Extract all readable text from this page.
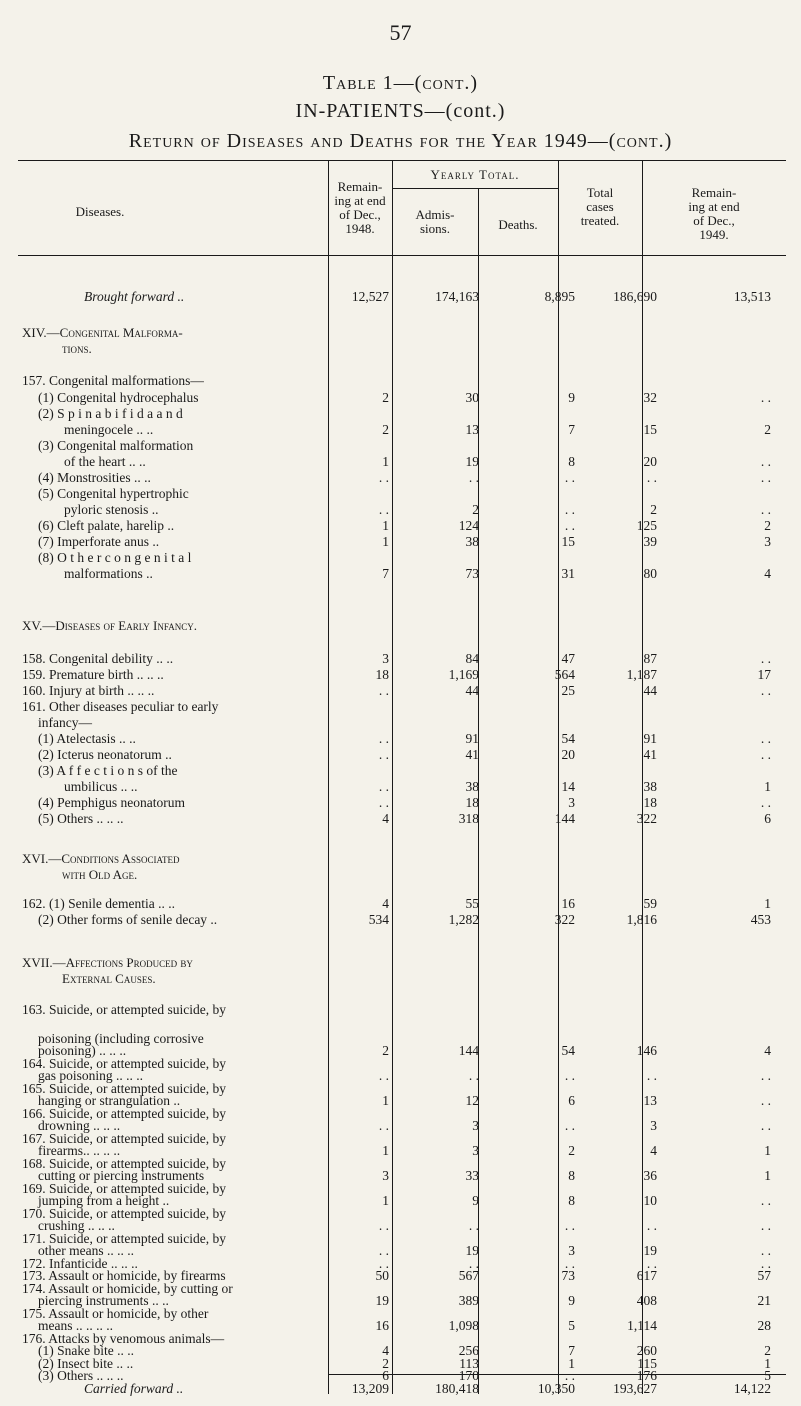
57
Table 1—(cont.)
IN-PATIENTS—(cont.)
Return of Diseases and Deaths for the Year 1949—(cont.)
Diseases.
Remain-
ing at end
of Dec.,
1948.
Yearly Total.
Admis-
sions.	Deaths.
Total
cases
treated.
Remain-
ing at end
of Dec.,
1949.
Brought forward ..	12,527	174,163	8,895	186,690	13,513
XIV.—Congenital Malforma-
tions.
157. Congenital malformations—
(1) Congenital hydrocephalus	2	30	9	32	. .
(2) S p i n a b i f i d a a n d
meningocele .. ..	2	13	7	15	2
(3) Congenital malformation
of the heart .. ..	1	19	8	20	. .
(4) Monstrosities .. ..	. .	. .	. .	. .	. .
(5) Congenital hypertrophic
pyloric stenosis ..	. .	2	. .	2	. .
(6) Cleft palate, harelip ..	1	124	. .	125	2
(7) Imperforate anus ..	1	38	15	39	3
(8) O t h e r c o n g e n i t a l
malformations ..	7	73	31	80	4
XV.—Diseases of Early Infancy.
158. Congenital debility .. ..	3	84	47	87	. .
159. Premature birth .. .. ..	18	1,169	564	1,187	17
160. Injury at birth .. .. ..	. .	44	25	44	. .
161. Other diseases peculiar to early
infancy—
(1) Atelectasis .. ..	. .	91	54	91	. .
(2) Icterus neonatorum ..	. .	41	20	41	. .
(3) A f f e c t i o n s of the
umbilicus .. ..	. .	38	14	38	1
(4) Pemphigus neonatorum	. .	18	3	18	. .
(5) Others .. .. ..	4	318	144	322	6
XVI.—Conditions Associated
with Old Age.
162. (1) Senile dementia .. ..	4	55	16	59	1
(2) Other forms of senile decay ..	534	1,282	322	1,816	453
XVII.—Affections Produced by
External Causes.
163. Suicide, or attempted suicide, by
poisoning (including corrosive
poisoning) .. .. ..	2	144	54	146	4
164. Suicide, or attempted suicide, by
gas poisoning .. .. ..	. .	. .	. .	. .	. .
165. Suicide, or attempted suicide, by
hanging or strangulation ..	1	12	6	13	. .
166. Suicide, or attempted suicide, by
drowning .. .. ..	. .	3	. .	3	. .
167. Suicide, or attempted suicide, by
firearms.. .. .. ..	1	3	2	4	1
168. Suicide, or attempted suicide, by
cutting or piercing instruments	3	33	8	36	1
169. Suicide, or attempted suicide, by
jumping from a height ..	1	9	8	10	. .
170. Suicide, or attempted suicide, by
crushing .. .. ..	. .	. .	. .	. .	. .
171. Suicide, or attempted suicide, by
other means .. .. ..	. .	19	3	19	. .
172. Infanticide .. .. ..	. .	. .	. .	. .	. .
173. Assault or homicide, by firearms	50	567	73	617	57
174. Assault or homicide, by cutting or
piercing instruments .. ..	19	389	9	408	21
175. Assault or homicide, by other
means .. .. .. ..	16	1,098	5	1,114	28
176. Attacks by venomous animals—
(1) Snake bite .. ..	4	256	7	260	2
(2) Insect bite .. ..	2	113	1	115	1
(3) Others .. .. ..	6	170	. .	176	5
Carried forward ..	13,209	180,418	10,350	193,627	14,122
